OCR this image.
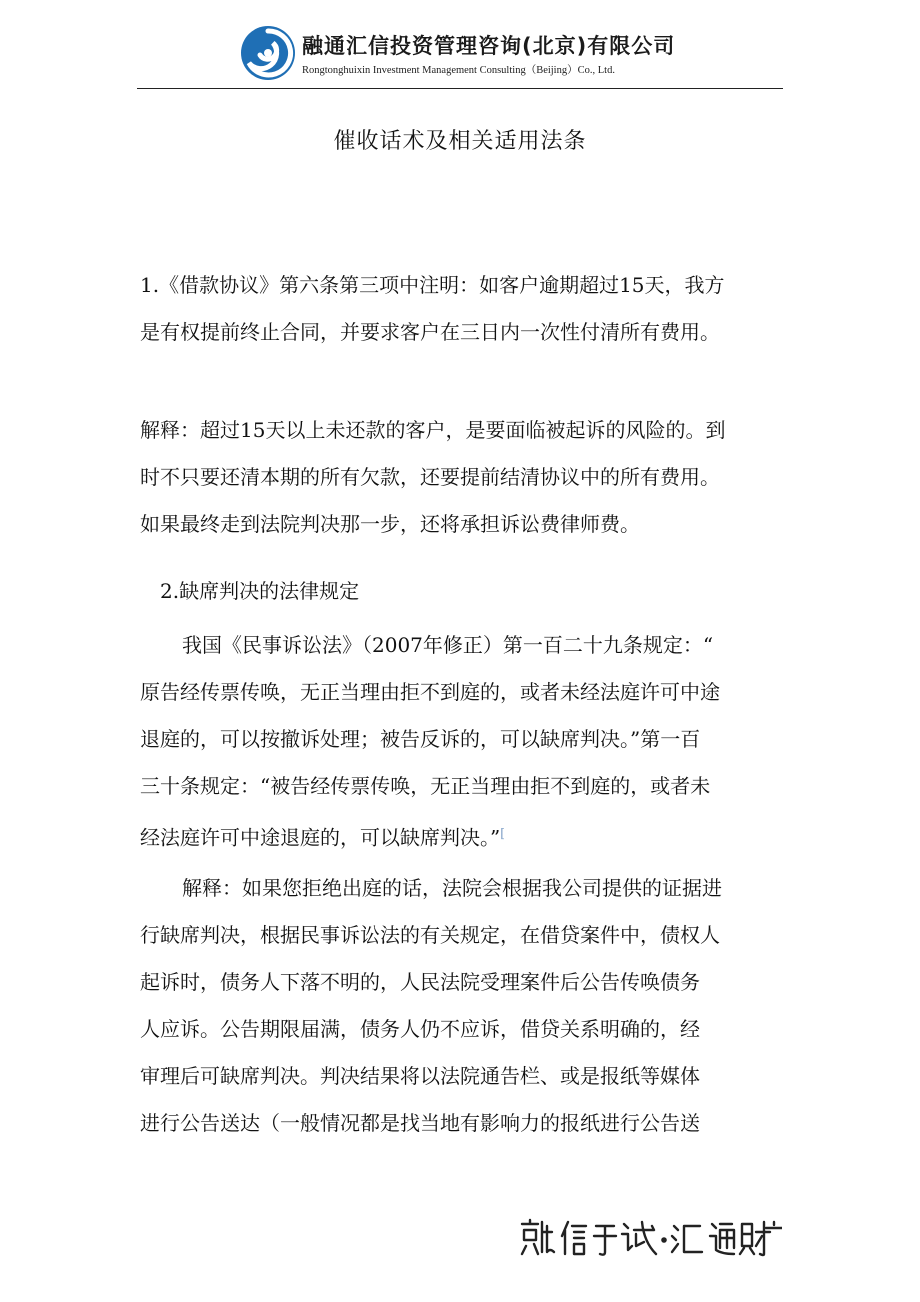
融通汇信投资管理咨询(北京)有限公司
Rongtonghuixin Investment Management Consulting（Beijing）Co., Ltd.
催收话术及相关适用法条
1.《借款协议》第六条第三项中注明：如客户逾期超过15天，我方
是有权提前终止合同，并要求客户在三日内一次性付清所有费用。
解释：超过15天以上未还款的客户，是要面临被起诉的风险的。到
时不只要还清本期的所有欠款，还要提前结清协议中的所有费用。
如果最终走到法院判决那一步，还将承担诉讼费律师费。
2.缺席判决的法律规定
我国《民事诉讼法》（2007年修正）第一百二十九条规定：“
原告经传票传唤，无正当理由拒不到庭的，或者未经法庭许可中途
退庭的，可以按撤诉处理；被告反诉的，可以缺席判决。”第一百
三十条规定：“被告经传票传唤，无正当理由拒不到庭的，或者未
经法庭许可中途退庭的，可以缺席判决。”[
解释：如果您拒绝出庭的话，法院会根据我公司提供的证据进
行缺席判决，根据民事诉讼法的有关规定，在借贷案件中，债权人
起诉时，债务人下落不明的，人民法院受理案件后公告传唤债务
人应诉。公告期限届满，债务人仍不应诉，借贷关系明确的，经
审理后可缺席判决。判决结果将以法院通告栏、或是报纸等媒体
进行公告送达（一般情况都是找当地有影响力的报纸进行公告送
